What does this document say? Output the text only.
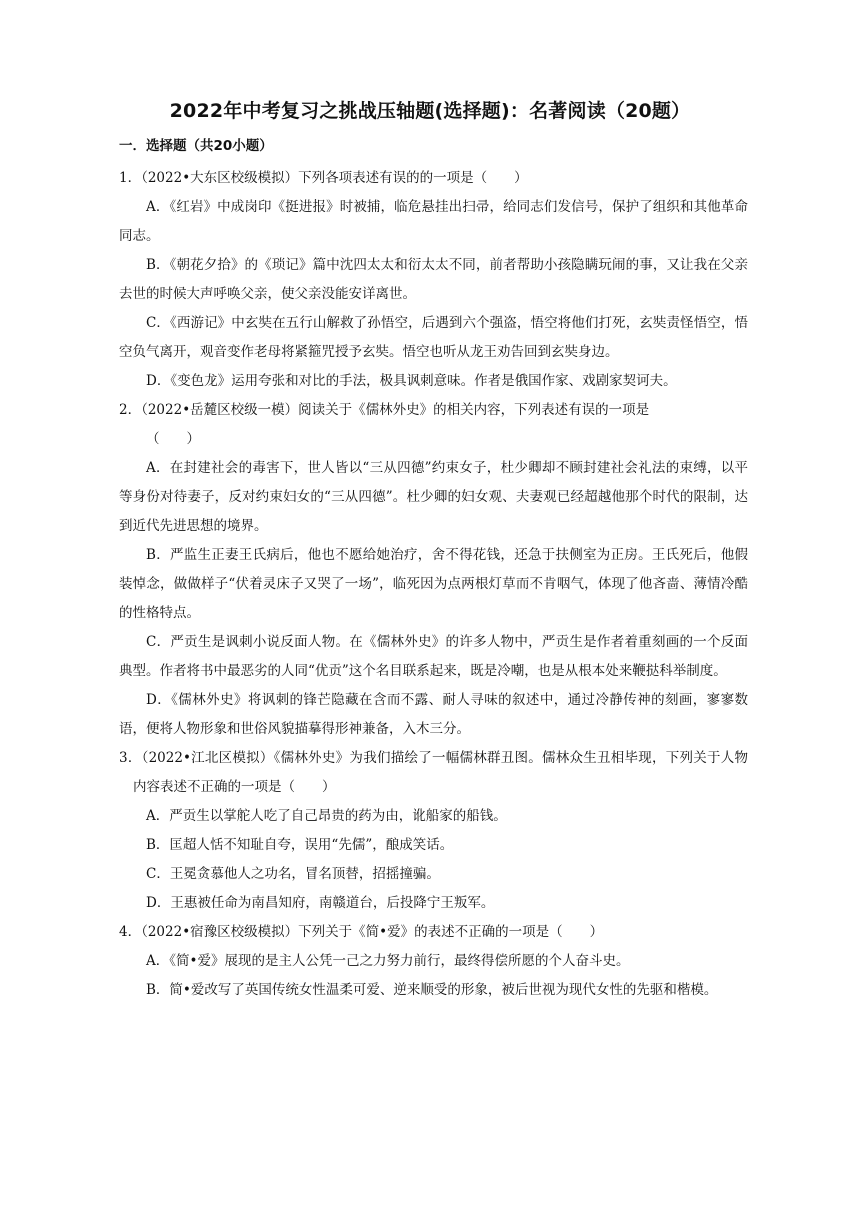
2022年中考复习之挑战压轴题(选择题)：名著阅读（20题）
一．选择题（共20小题）

1．（2022•大东区校级模拟）下列各项表述有误的的一项是（　　）

A．《红岩》中成岗印《挺进报》时被捕，临危悬挂出扫帚，给同志们发信号，保护了组织和其他革命同志。

B．《朝花夕拾》的《琐记》篇中沈四太太和衍太太不同，前者帮助小孩隐瞒玩闹的事，又让我在父亲去世的时候大声呼唤父亲，使父亲没能安详离世。

C．《西游记》中玄奘在五行山解救了孙悟空，后遇到六个强盗，悟空将他们打死，玄奘责怪悟空，悟空负气离开，观音变作老母将紧箍咒授予玄奘。悟空也听从龙王劝告回到玄奘身边。

D．《变色龙》运用夸张和对比的手法，极具讽刺意味。作者是俄国作家、戏剧家契诃夫。

2．（2022•岳麓区校级一模）阅读关于《儒林外史》的相关内容，下列表述有误的一项是

（　　）

A．在封建社会的毒害下，世人皆以“三从四德”约束女子，杜少卿却不顾封建社会礼法的束缚，以平等身份对待妻子，反对约束妇女的“三从四德”。杜少卿的妇女观、夫妻观已经超越他那个时代的限制，达到近代先进思想的境界。

B．严监生正妻王氏病后，他也不愿给她治疗，舍不得花钱，还急于扶侧室为正房。王氏死后，他假装悼念，做做样子“伏着灵床子又哭了一场”，临死因为点两根灯草而不肯咽气，体现了他吝啬、薄情冷酷的性格特点。

C．严贡生是讽刺小说反面人物。在《儒林外史》的许多人物中，严贡生是作者着重刻画的一个反面典型。作者将书中最恶劣的人同“优贡”这个名目联系起来，既是冷嘲，也是从根本处来鞭挞科举制度。

D．《儒林外史》将讽刺的锋芒隐藏在含而不露、耐人寻味的叙述中，通过冷静传神的刻画，寥寥数语，便将人物形象和世俗风貌描摹得形神兼备，入木三分。

3．（2022•江北区模拟）《儒林外史》为我们描绘了一幅儒林群丑图。儒林众生丑相毕现，下列关于人物内容表述不正确的一项是（　　）

A．严贡生以掌舵人吃了自己昂贵的药为由，讹船家的船钱。

B．匡超人恬不知耻自夸，误用“先儒”，酿成笑话。

C．王冕贪慕他人之功名，冒名顶替，招摇撞骗。

D．王惠被任命为南昌知府，南赣道台，后投降宁王叛军。

4．（2022•宿豫区校级模拟）下列关于《简•爱》的表述不正确的一项是（　　）

A．《简•爱》展现的是主人公凭一己之力努力前行，最终得偿所愿的个人奋斗史。

B．简•爱改写了英国传统女性温柔可爱、逆来顺受的形象，被后世视为现代女性的先驱和楷模。
